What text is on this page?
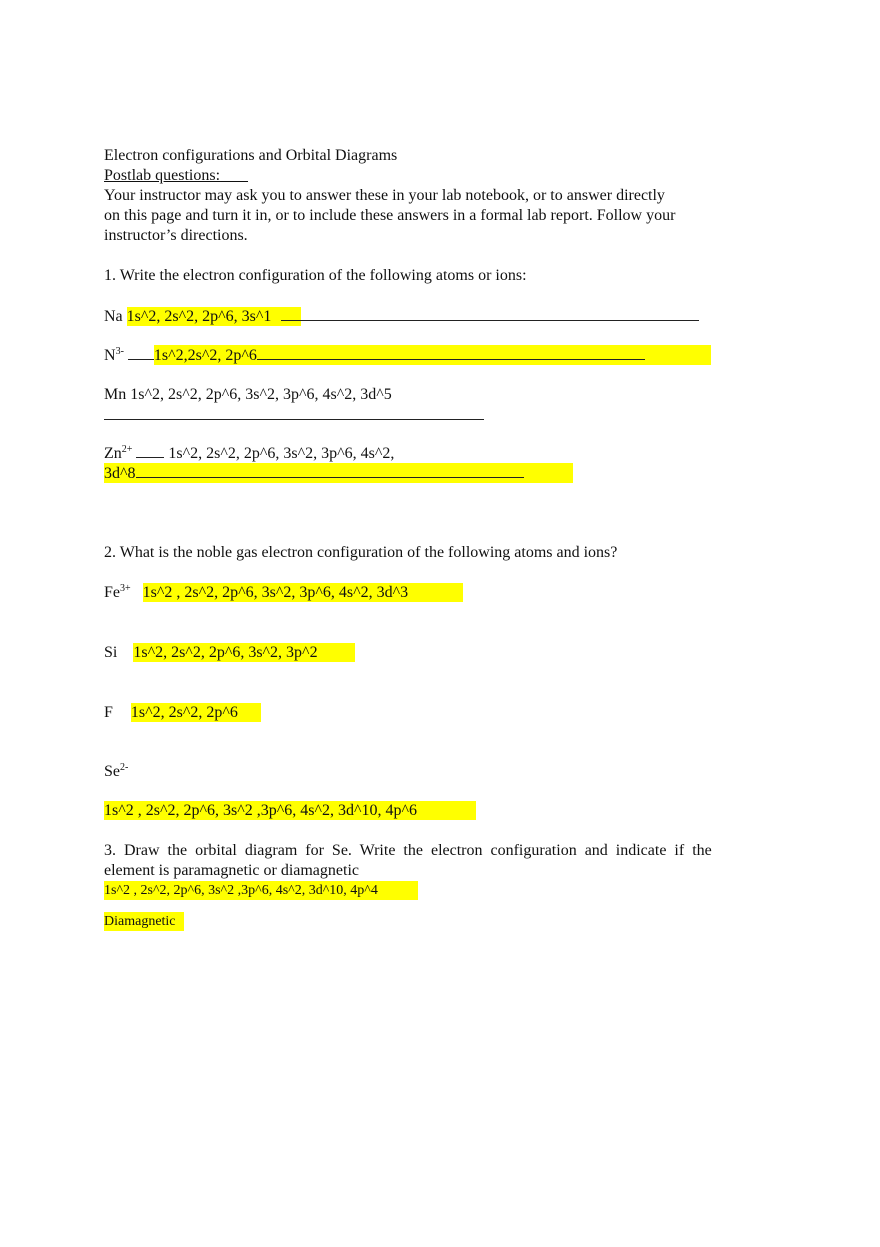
Electron configurations and Orbital Diagrams
Postlab questions:
Your instructor may ask you to answer these in your lab notebook, or to answer directly
on this page and turn it in, or to include these answers in a formal lab report. Follow your
instructor’s directions.
1. Write the electron configuration of the following atoms or ions:
Na 1s^2, 2s^2, 2p^6, 3s^1
$N^{3-}$ 1s^2,2s^2, 2p^6
Mn 1s^2, 2s^2, 2p^6, 3s^2, 3p^6, 4s^2, 3d^5
$Zn^{2+}$ 1s^2, 2s^2, 2p^6, 3s^2, 3p^6, 4s^2,
3d^8
2. What is the noble gas electron configuration of the following atoms and ions?
$Fe^{3+}$ 1s^2 , 2s^2, 2p^6, 3s^2, 3p^6, 4s^2, 3d^3
Si 1s^2, 2s^2, 2p^6, 3s^2, 3p^2
F 1s^2, 2s^2, 2p^6
$Se^{2-}$
1s^2 , 2s^2, 2p^6, 3s^2 ,3p^6, 4s^2, 3d^10, 4p^6
3. Draw the orbital diagram for Se. Write the electron configuration and indicate if the
element is paramagnetic or diamagnetic
1s^2 , 2s^2, 2p^6, 3s^2 ,3p^6, 4s^2, 3d^10, 4p^4
Diamagnetic
